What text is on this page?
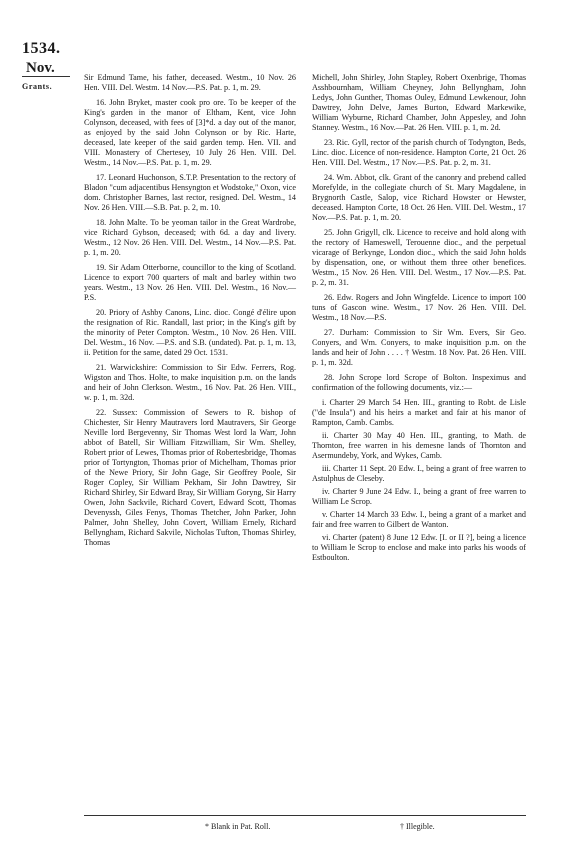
1534.
Nov.
Grants.

Sir Edmund Tame, his father, deceased. Westm., 10 Nov. 26 Hen. VIII. Del. Westm. 14 Nov.—P.S. Pat. p. 1, m. 29.

16. John Bryket, master cook pro ore. To be keeper of the King's garden in the manor of Eltham, Kent, vice John Colynson, deceased, with fees of [3]*d. a day out of the manor, as enjoyed by the said John Colynson or by Ric. Harte, deceased, late keeper of the said garden temp. Hen. VII. and VIII. Monastery of Chertesey, 10 July 26 Hen. VIII. Del. Westm., 14 Nov.—P.S. Pat. p. 1, m. 29.

17. Leonard Huchonson, S.T.P. Presentation to the rectory of Bladon "cum adjacentibus Hensyngton et Wodstoke," Oxon, vice dom. Christopher Barnes, last rector, resigned. Del. Westm., 14 Nov. 26 Hen. VIII.—S.B. Pat. p. 2, m. 10.

18. John Malte. To be yeoman tailor in the Great Wardrobe, vice Richard Gybson, deceased; with 6d. a day and livery. Westm., 12 Nov. 26 Hen. VIII. Del. Westm., 14 Nov.—P.S. Pat. p. 1, m. 20.

19. Sir Adam Otterborne, councillor to the king of Scotland. Licence to export 700 quarters of malt and barley within two years. Westm., 13 Nov. 26 Hen. VIII. Del. Westm., 16 Nov.—P.S.

20. Priory of Ashby Canons, Linc. dioc. Congé d'élire upon the resignation of Ric. Randall, last prior; in the King's gift by the minority of Peter Compton. Westm., 10 Nov. 26 Hen. VIII. Del. Westm., 16 Nov. —P.S. and S.B. (undated). Pat. p. 1, m. 13, ii. Petition for the same, dated 29 Oct. 1531.

21. Warwickshire: Commission to Sir Edw. Ferrers, Rog. Wigston and Thos. Holte, to make inquisition p.m. on the lands and heir of John Clerkson. Westm., 16 Nov. Pat. 26 Hen. VIII., w. p. 1, m. 32d.

22. Sussex: Commission of Sewers to R. bishop of Chichester, Sir Henry Mautravers lord Mautravers, Sir George Neville lord Bergevenny, Sir Thomas West lord la Warr, John abbot of Batell, Sir William Fitzwilliam, Sir Wm. Shelley, Robert prior of Lewes, Thomas prior of Robertesbridge, Thomas prior of Tortyngton, Thomas prior of Michelham, Thomas prior of the Newe Priory, Sir John Gage, Sir Geoffrey Poole, Sir Roger Copley, Sir William Pekham, Sir John Dawtrey, Sir Richard Shirley, Sir Edward Bray, Sir William Goryng, Sir Harry Owen, John Sackvile, Richard Covert, Edward Scott, Thomas Devenyssh, Giles Fenys, Thomas Thetcher, John Parker, John Palmer, John Shelley, John Covert, William Ernely, Richard Bellyngham, Richard Sakvile, Nicholas Tufton, Thomas Shirley, Thomas

Michell, John Shirley, John Stapley, Robert Oxenbrige, Thomas Asshbournham, William Cheyney, John Bellyngham, John Ledys, John Gunther, Thomas Ouley, Edmund Lewkenour, John Dawtrey, John Delve, James Burton, Edward Markewike, William Wyburne, Richard Chamber, John Appesley, and John Stanney. Westm., 16 Nov.—Pat. 26 Hen. VIII. p. 1, m. 2d.

23. Ric. Gyll, rector of the parish church of Todyngton, Beds, Linc. dioc. Licence of non-residence. Hampton Corte, 21 Oct. 26 Hen. VIII. Del. Westm., 17 Nov.—P.S. Pat. p. 2, m. 31.

24. Wm. Abbot, clk. Grant of the canonry and prebend called Morefylde, in the collegiate church of St. Mary Magdalene, in Brygnorth Castle, Salop, vice Richard Howster or Hewster, deceased. Hampton Corte, 18 Oct. 26 Hen. VIII. Del. Westm., 17 Nov.—P.S. Pat. p. 1, m. 20.

25. John Grigyll, clk. Licence to receive and hold along with the rectory of Hameswell, Terouenne dioc., and the perpetual vicarage of Berkynge, London dioc., which the said John holds by dispensation, one, or without them three other benefices. Westm., 15 Nov. 26 Hen. VIII. Del. Westm., 17 Nov.—P.S. Pat. p. 2, m. 31.

26. Edw. Rogers and John Wingfelde. Licence to import 100 tuns of Gascon wine. Westm., 17 Nov. 26 Hen. VIII. Del. Westm., 18 Nov.—P.S.

27. Durham: Commission to Sir Wm. Evers, Sir Geo. Conyers, and Wm. Conyers, to make inquisition p.m. on the lands and heir of John . . . . † Westm. 18 Nov. Pat. 26 Hen. VIII. p. 1, m. 32d.

28. John Scrope lord Scrope of Bolton. Inspeximus and confirmation of the following documents, viz.:—

i. Charter 29 March 54 Hen. III., granting to Robt. de Lisle ("de Insula") and his heirs a market and fair at his manor of Rampton, Camb. Cambs.

ii. Charter 30 May 40 Hen. III., granting, to Math. de Thornton, free warren in his demesne lands of Thornton and Asermundeby, York, and Wykes, Camb.

iii. Charter 11 Sept. 20 Edw. I., being a grant of free warren to Astulphus de Cleseby.

iv. Charter 9 June 24 Edw. I., being a grant of free warren to William Le Scrop.

v. Charter 14 March 33 Edw. I., being a grant of a market and fair and free warren to Gilbert de Wanton.

vi. Charter (patent) 8 June 12 Edw. [I. or II ?], being a licence to William le Scrop to enclose and make into parks his woods of Estboulton.

* Blank in Pat. Roll.	† Illegible.
